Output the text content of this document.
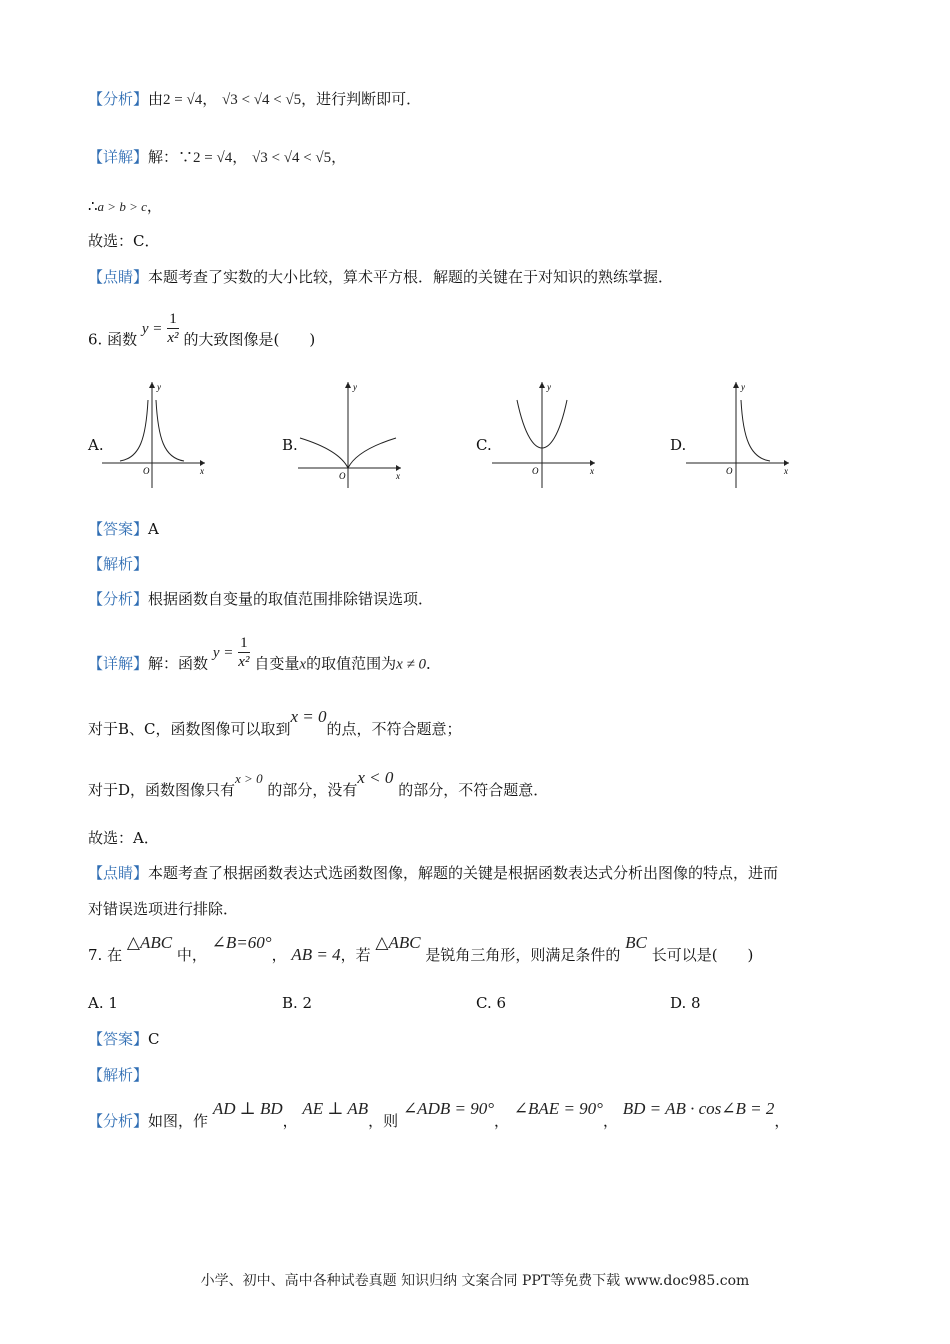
【分析】由2 = √4， √3 < √4 < √5，进行判断即可．
【详解】解：∵2 = √4， √3 < √4 < √5，
∴a > b > c，
故选：C．
【点睛】本题考查了实数的大小比较，算术平方根．解题的关键在于对知识的熟练掌握．
6. 函数 $y = \frac{1}{\text{x²}}$ 的大致图像是(　　)
A.	B.	C.	D.
y
x
O
y
x
O
y
x
O
y
x
O
【答案】A
【解析】
【分析】根据函数自变量的取值范围排除错误选项．
【详解】解：函数 $y = \frac{1}{\text{x²}}$ 自变量x的取值范围为x ≠ 0．
对于B、C，函数图像可以取到x = 0的点，不符合题意；
对于D，函数图像只有x > 0 的部分，没有x < 0 的部分，不符合题意．
故选：A．
【点睛】本题考查了根据函数表达式选函数图像，解题的关键是根据函数表达式分析出图像的特点，进而
对错误选项进行排除．
7. 在 △ABC 中， ∠B=60°， AB = 4，若 △ABC 是锐角三角形，则满足条件的 BC 长可以是(　　)
A. 1	B. 2	C. 6	D. 8
【答案】C
【解析】
【分析】如图，作 AD ⊥ BD， AE ⊥ AB，则 ∠ADB = 90°， ∠BAE = 90°， BD = AB · cos∠B = 2，
小学、初中、高中各种试卷真题 知识归纳 文案合同 PPT等免费下载 www.doc985.com
